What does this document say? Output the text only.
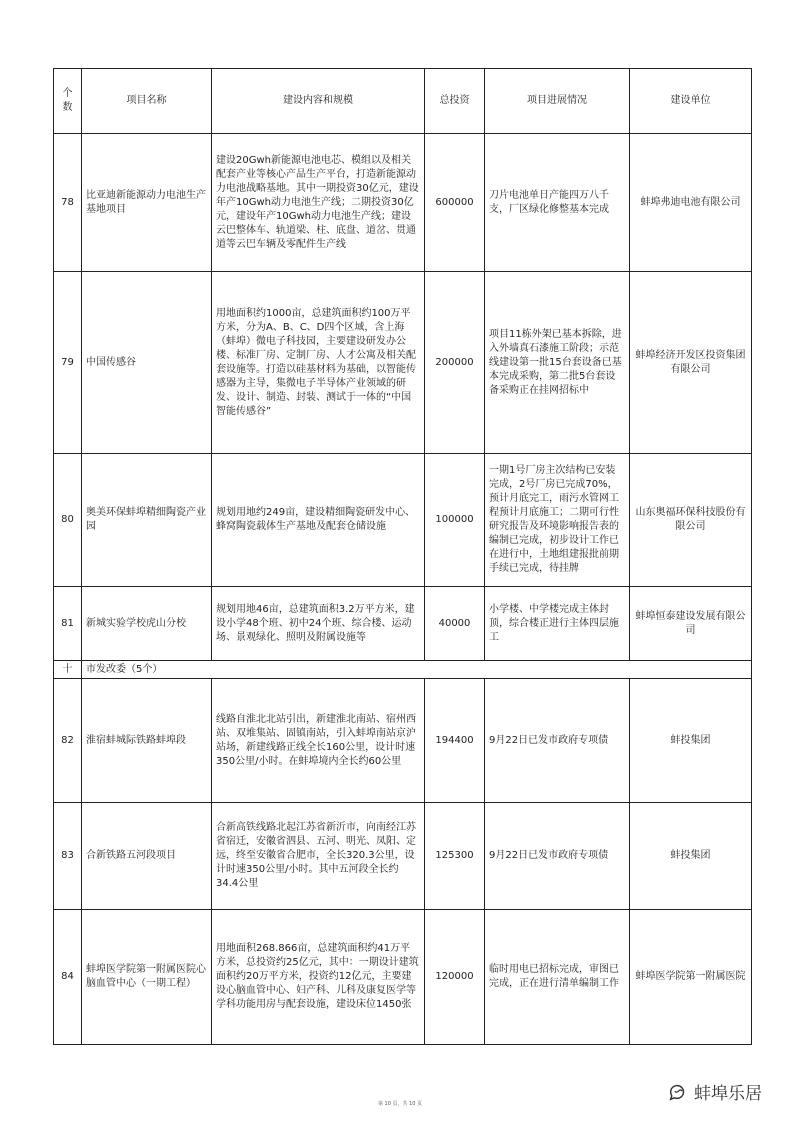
个数	项目名称	建设内容和规模	总投资	项目进展情况	建设单位
78	比亚迪新能源动力电池生产基地项目	建设20Gwh新能源电池电芯、模组以及相关配套产业等核心产品生产平台，打造新能源动力电池战略基地。其中一期投资30亿元，建设年产10Gwh动力电池生产线；二期投资30亿元，建设年产10Gwh动力电池生产线；建设云巴整体车、轨道梁、柱、底盘、道岔、贯通道等云巴车辆及零配件生产线	600000	刀片电池单日产能四万八千支，厂区绿化修整基本完成	蚌埠弗迪电池有限公司
79	中国传感谷	用地面积约1000亩，总建筑面积约100万平方米，分为A、B、C、D四个区域，含上海（蚌埠）微电子科技园，主要建设研发办公楼、标准厂房、定制厂房、人才公寓及相关配套设施等。打造以硅基材料为基础，以智能传感器为主导，集微电子半导体产业领域的研发、设计、制造、封装、测试于一体的“中国智能传感谷”	200000	项目11栋外架已基本拆除，进入外墙真石漆施工阶段；示范线建设第一批15台套设备已基本完成采购，第二批5台套设备采购正在挂网招标中	蚌埠经济开发区投资集团有限公司
80	奥美环保蚌埠精细陶瓷产业园	规划用地约249亩，建设精细陶瓷研发中心、蜂窝陶瓷载体生产基地及配套仓储设施	100000	一期1号厂房主次结构已安装完成，2号厂房已完成70%，预计月底完工，雨污水管网工程预计月底施工；二期可行性研究报告及环境影响报告表的编制已完成，初步设计工作已在进行中，土地组建报批前期手续已完成，待挂牌	山东奥福环保科技股份有限公司
81	新城实验学校虎山分校	规划用地46亩，总建筑面积3.2万平方米，建设小学48个班、初中24个班、综合楼、运动场、景观绿化、照明及附属设施等	40000	小学楼、中学楼完成主体封顶，综合楼正进行主体四层施工	蚌埠恒泰建设发展有限公司
十	市发改委（5个）				
82	淮宿蚌城际铁路蚌埠段	线路自淮北北站引出，新建淮北南站、宿州西站、双堆集站、固镇南站，引入蚌埠南站京沪站场，新建线路正线全长160公里，设计时速350公里/小时。在蚌埠境内全长约60公里	194400	9月22日已发市政府专项债	蚌投集团
83	合新铁路五河段项目	合新高铁线路北起江苏省新沂市，向南经江苏省宿迁，安徽省泗县、五河、明光、凤阳、定远，终至安徽省合肥市，全长320.3公里，设计时速350公里/小时。其中五河段全长约34.4公里	125300	9月22日已发市政府专项债	蚌投集团
84	蚌埠医学院第一附属医院心脑血管中心（一期工程）	用地面积268.866亩，总建筑面积约41万平方米，总投资约25亿元，其中：一期设计建筑面积约20万平方米，投资约12亿元，主要建设心脑血管中心、妇产科、儿科及康复医学等学科功能用房与配套设施，建设床位1450张	120000	临时用电已招标完成，审图已完成，正在进行清单编制工作	蚌埠医学院第一附属医院
第 10 页，共 10 页	蚌埠乐居
